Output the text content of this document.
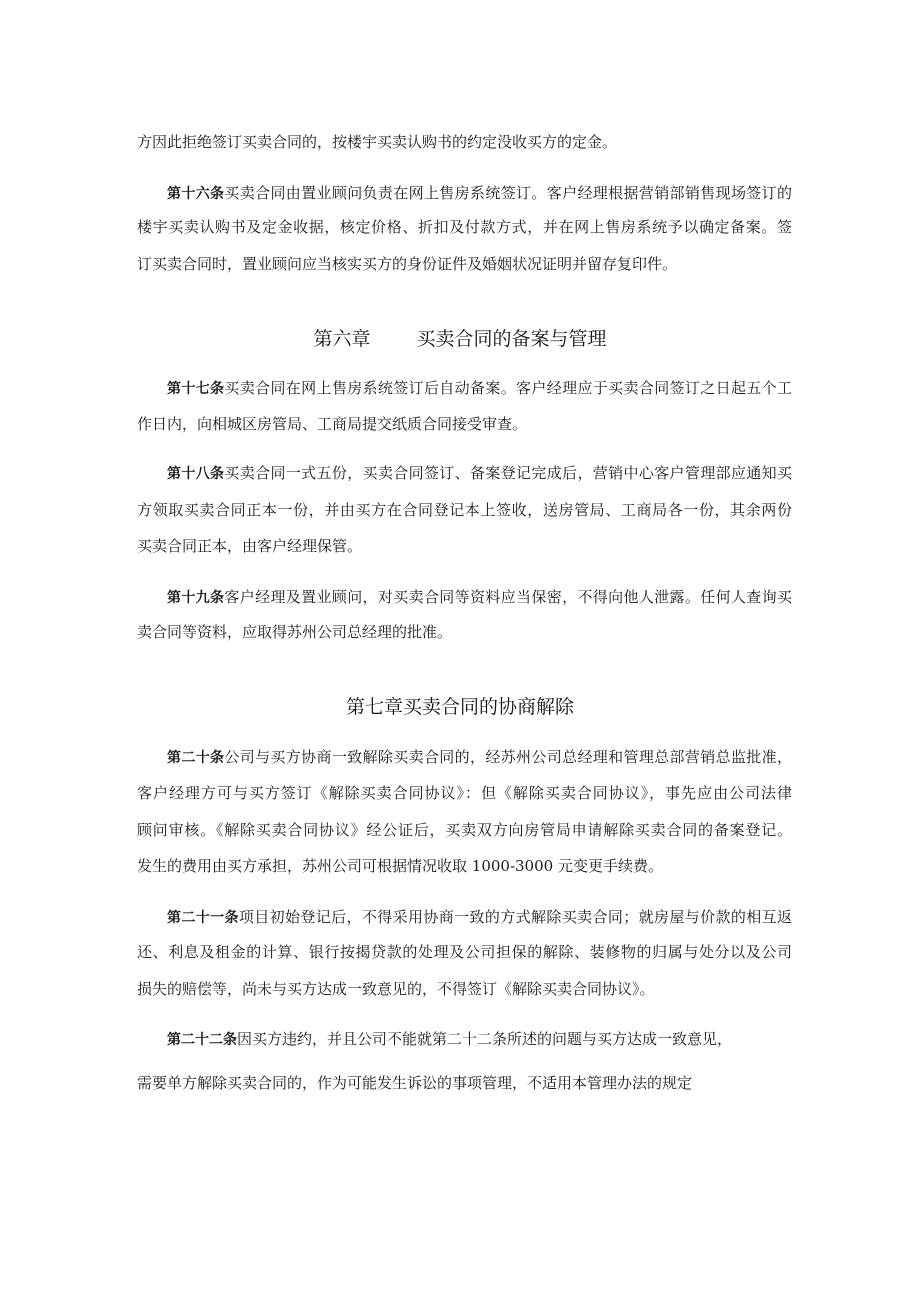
方因此拒绝签订买卖合同的，按楼宇买卖认购书的约定没收买方的定金。
第十六条买卖合同由置业顾问负责在网上售房系统签订。客户经理根据营销部销售现场签订的
楼宇买卖认购书及定金收据，核定价格、折扣及付款方式，并在网上售房系统予以确定备案。签
订买卖合同时，置业顾问应当核实买方的身份证件及婚姻状况证明并留存复印件。
第六章 买卖合同的备案与管理
第十七条买卖合同在网上售房系统签订后自动备案。客户经理应于买卖合同签订之日起五个工
作日内，向相城区房管局、工商局提交纸质合同接受审查。
第十八条买卖合同一式五份，买卖合同签订、备案登记完成后，营销中心客户管理部应通知买
方领取买卖合同正本一份，并由买方在合同登记本上签收，送房管局、工商局各一份，其余两份
买卖合同正本，由客户经理保管。
第十九条客户经理及置业顾问，对买卖合同等资料应当保密，不得向他人泄露。任何人查询买
卖合同等资料，应取得苏州公司总经理的批准。
第七章买卖合同的协商解除
第二十条公司与买方协商一致解除买卖合同的，经苏州公司总经理和管理总部营销总监批准，
客户经理方可与买方签订《解除买卖合同协议》：但《解除买卖合同协议》，事先应由公司法律
顾问审核。《解除买卖合同协议》经公证后，买卖双方向房管局申请解除买卖合同的备案登记。
发生的费用由买方承担，苏州公司可根据情况收取 1000-3000 元变更手续费。
第二十一条项目初始登记后，不得采用协商一致的方式解除买卖合同；就房屋与价款的相互返
还、利息及租金的计算、银行按揭贷款的处理及公司担保的解除、装修物的归属与处分以及公司
损失的赔偿等，尚未与买方达成一致意见的，不得签订《解除买卖合同协议》。
第二十二条因买方违约，并且公司不能就第二十二条所述的问题与买方达成一致意见，
需要单方解除买卖合同的，作为可能发生诉讼的事项管理，不适用本管理办法的规定
